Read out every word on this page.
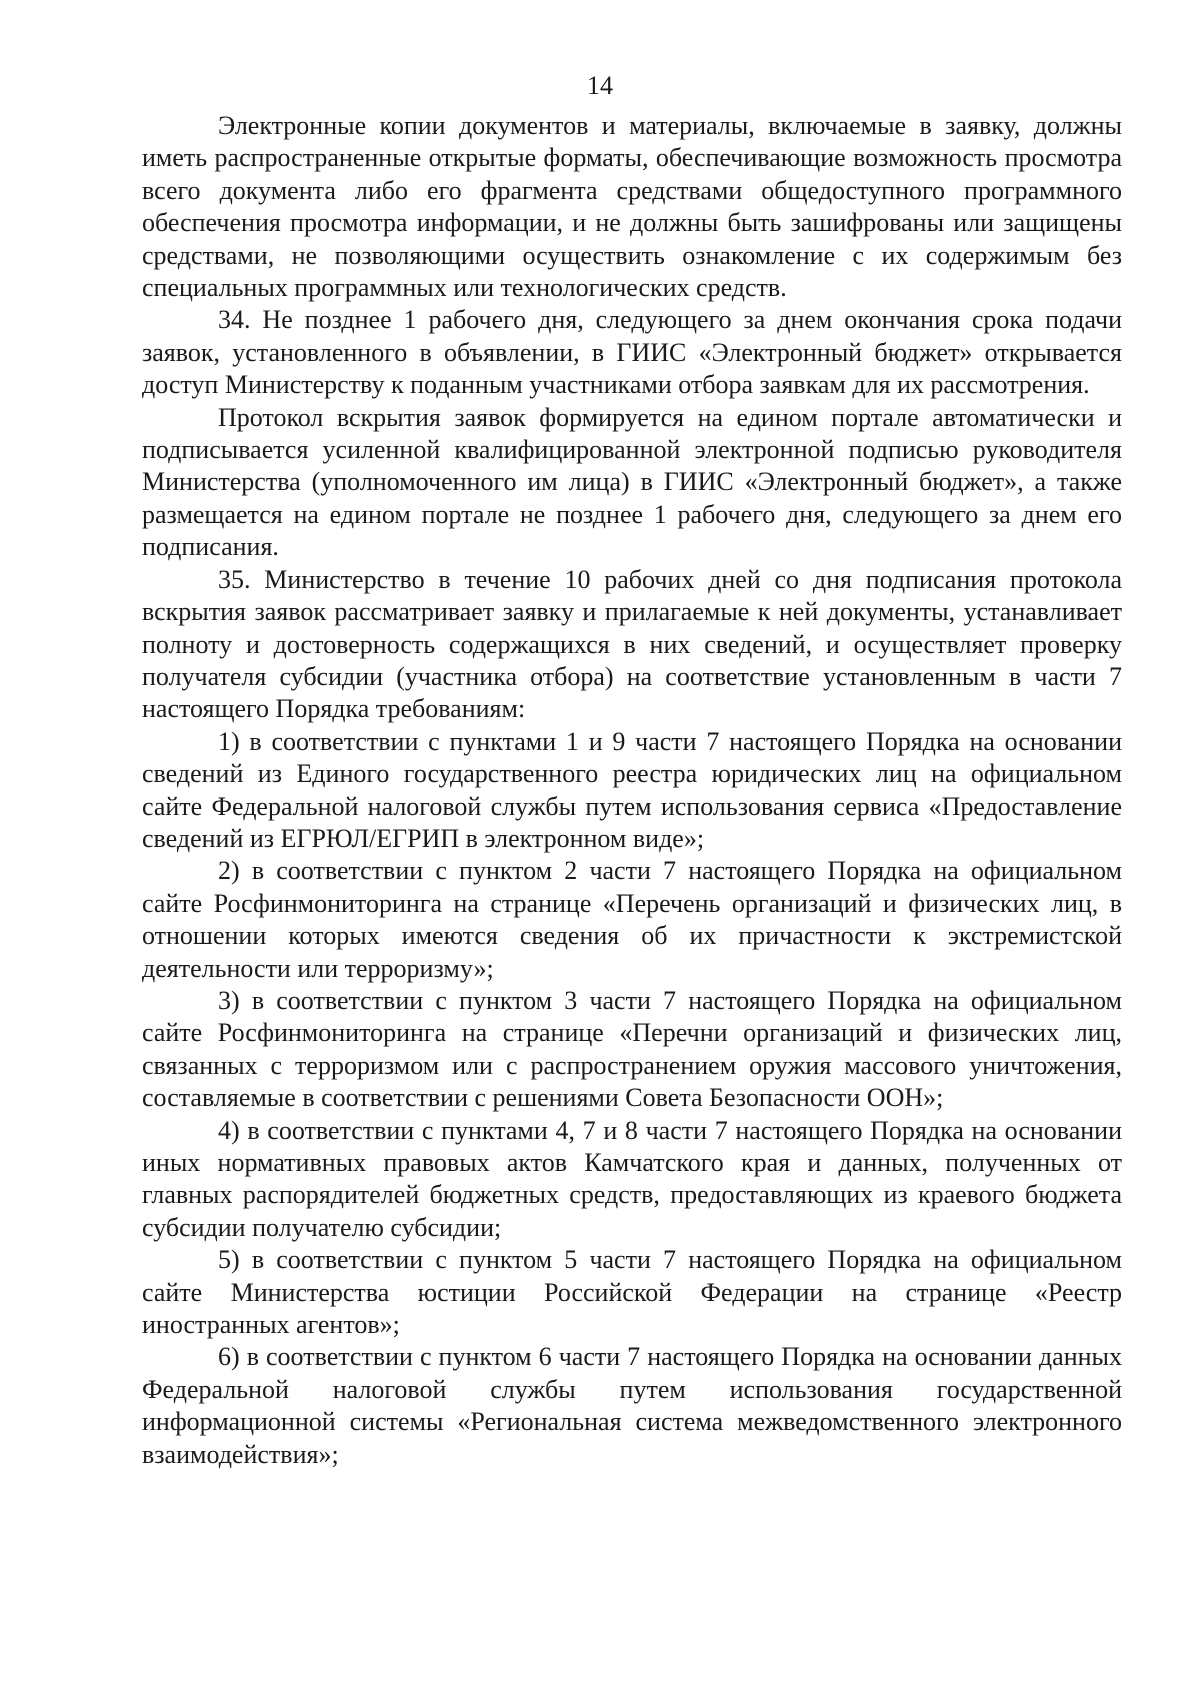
14

Электронные копии документов и материалы, включаемые в заявку, должны иметь распространенные открытые форматы, обеспечивающие возможность просмотра всего документа либо его фрагмента средствами общедоступного программного обеспечения просмотра информации, и не должны быть зашифрованы или защищены средствами, не позволяющими осуществить ознакомление с их содержимым без специальных программных или технологических средств.

34. Не позднее 1 рабочего дня, следующего за днем окончания срока подачи заявок, установленного в объявлении, в ГИИС «Электронный бюджет» открывается доступ Министерству к поданным участниками отбора заявкам для их рассмотрения.

Протокол вскрытия заявок формируется на едином портале автоматически и подписывается усиленной квалифицированной электронной подписью руководителя Министерства (уполномоченного им лица) в ГИИС «Электронный бюджет», а также размещается на едином портале не позднее 1 рабочего дня, следующего за днем его подписания.

35. Министерство в течение 10 рабочих дней со дня подписания протокола вскрытия заявок рассматривает заявку и прилагаемые к ней документы, устанавливает полноту и достоверность содержащихся в них сведений, и осуществляет проверку получателя субсидии (участника отбора) на соответствие установленным в части 7 настоящего Порядка требованиям:

1) в соответствии с пунктами 1 и 9 части 7 настоящего Порядка на основании сведений из Единого государственного реестра юридических лиц на официальном сайте Федеральной налоговой службы путем использования сервиса «Предоставление сведений из ЕГРЮЛ/ЕГРИП в электронном виде»;

2) в соответствии с пунктом 2 части 7 настоящего Порядка на официальном сайте Росфинмониторинга на странице «Перечень организаций и физических лиц, в отношении которых имеются сведения об их причастности к экстремистской деятельности или терроризму»;

3) в соответствии с пунктом 3 части 7 настоящего Порядка на официальном сайте Росфинмониторинга на странице «Перечни организаций и физических лиц, связанных с терроризмом или с распространением оружия массового уничтожения, составляемые в соответствии с решениями Совета Безопасности ООН»;

4) в соответствии с пунктами 4, 7 и 8 части 7 настоящего Порядка на основании иных нормативных правовых актов Камчатского края и данных, полученных от главных распорядителей бюджетных средств, предоставляющих из краевого бюджета субсидии получателю субсидии;

5) в соответствии с пунктом 5 части 7 настоящего Порядка на официальном сайте Министерства юстиции Российской Федерации на странице «Реестр иностранных агентов»;

6) в соответствии с пунктом 6 части 7 настоящего Порядка на основании данных Федеральной налоговой службы путем использования государственной информационной системы «Региональная система межведомственного электронного взаимодействия»;
